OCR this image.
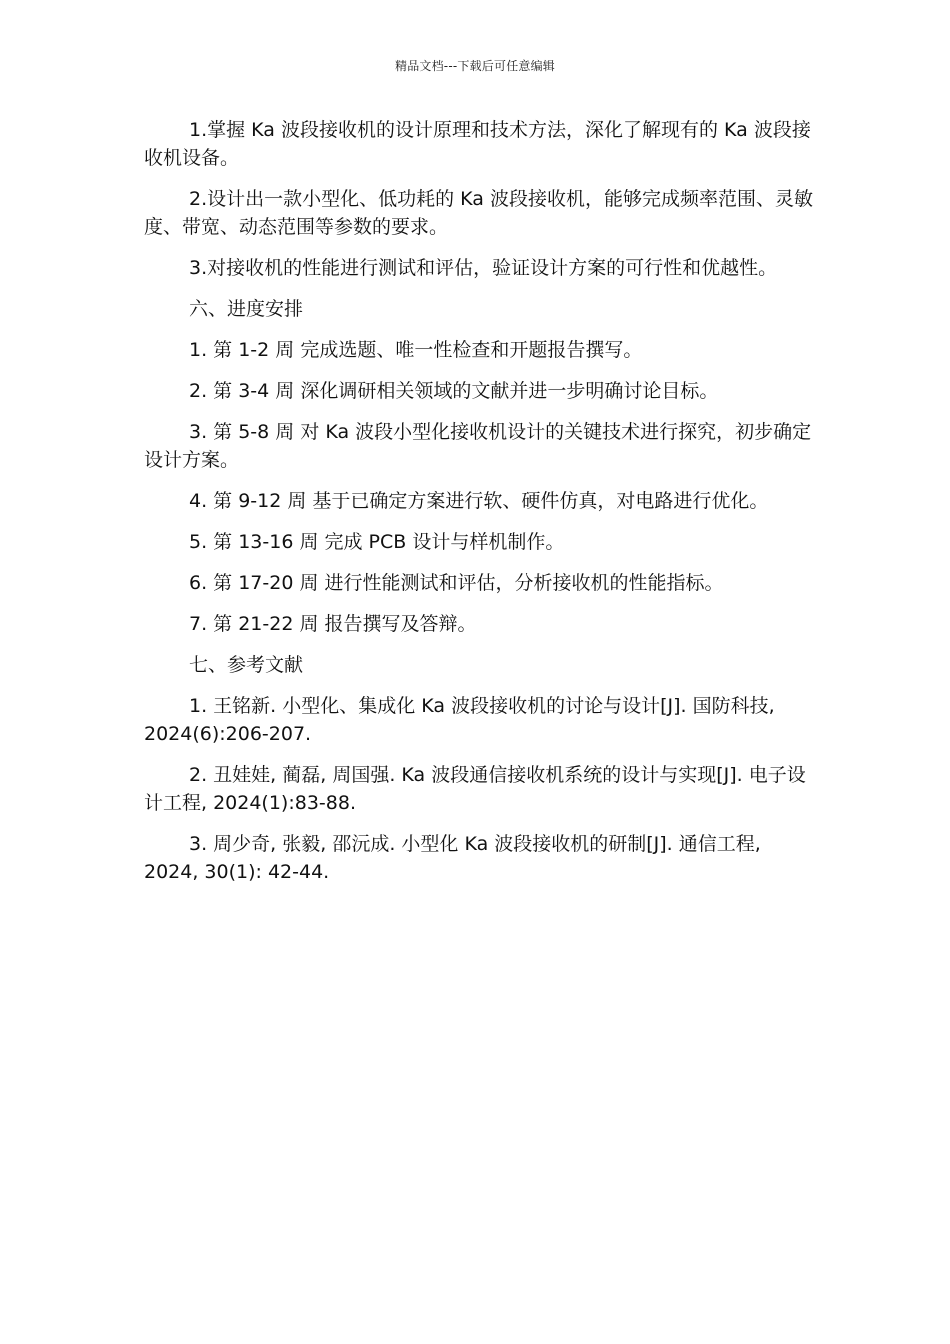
精品文档---下载后可任意编辑

1.掌握 Ka 波段接收机的设计原理和技术方法，深化了解现有的 Ka 波段接收机设备。

2.设计出一款小型化、低功耗的 Ka 波段接收机，能够完成频率范围、灵敏度、带宽、动态范围等参数的要求。

3.对接收机的性能进行测试和评估，验证设计方案的可行性和优越性。

六、进度安排

1. 第 1-2 周 完成选题、唯一性检查和开题报告撰写。

2. 第 3-4 周 深化调研相关领域的文献并进一步明确讨论目标。

3. 第 5-8 周 对 Ka 波段小型化接收机设计的关键技术进行探究，初步确定设计方案。

4. 第 9-12 周 基于已确定方案进行软、硬件仿真，对电路进行优化。

5. 第 13-16 周 完成 PCB 设计与样机制作。

6. 第 17-20 周 进行性能测试和评估，分析接收机的性能指标。

7. 第 21-22 周 报告撰写及答辩。

七、参考文献

1. 王铭新. 小型化、集成化 Ka 波段接收机的讨论与设计[J]. 国防科技, 2024(6):206-207.

2. 丑娃娃, 蔺磊, 周国强. Ka 波段通信接收机系统的设计与实现[J]. 电子设计工程, 2024(1):83-88.

3. 周少奇, 张毅, 邵沅成. 小型化 Ka 波段接收机的研制[J]. 通信工程, 2024, 30(1): 42-44.
